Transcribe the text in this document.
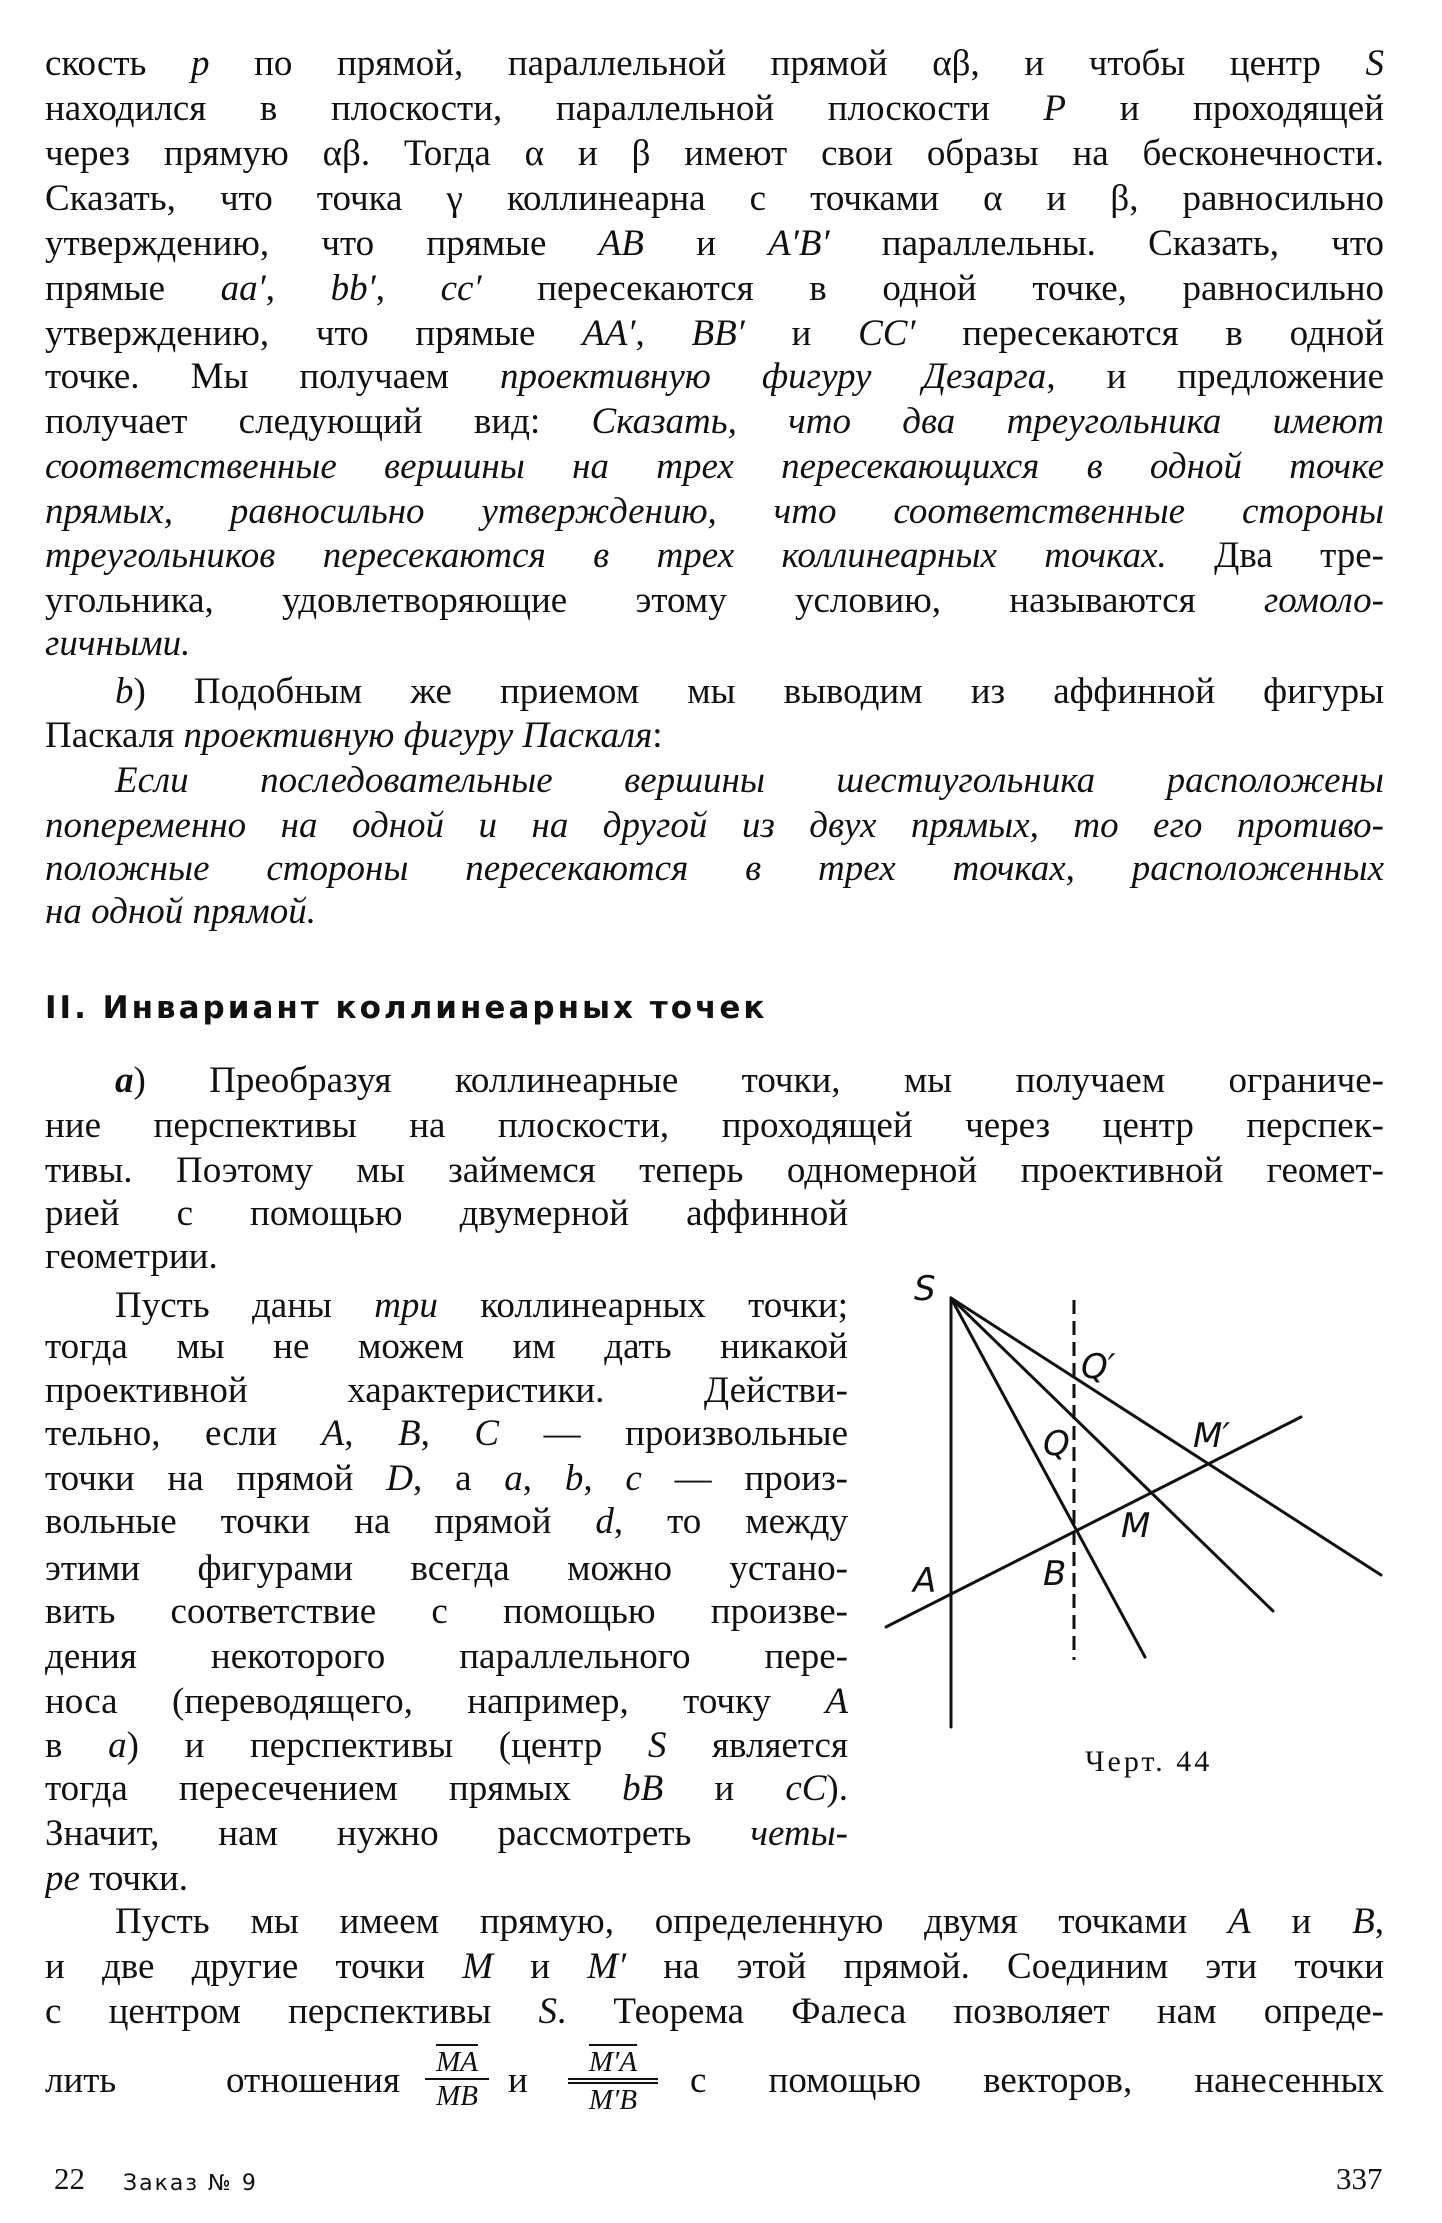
скость p по прямой, параллельной прямой αβ, и чтобы центр S
находился в плоскости, параллельной плоскости P и проходящей
через прямую αβ. Тогда α и β имеют свои образы на бесконечности.
Сказать, что точка γ коллинеарна с точками α и β, равносильно
утверждению, что прямые AB и A′B′ параллельны. Сказать, что
прямые aa′, bb′, cc′ пересекаются в одной точке, равносильно
утверждению, что прямые AA′, BB′ и CC′ пересекаются в одной
точке. Мы получаем проективную фигуру Дезарга, и предложение
получает следующий вид: Сказать, что два треугольника имеют
соответственные вершины на трех пересекающихся в одной точке
прямых, равносильно утверждению, что соответственные стороны
треугольников пересекаются в трех коллинеарных точках. Два тре-
угольника, удовлетворяющие этому условию, называются гомоло-
гичными.
b) Подобным же приемом мы выводим из аффинной фигуры
Паскаля проективную фигуру Паскаля:
Если последовательные вершины шестиугольника расположены
попеременно на одной и на другой из двух прямых, то его противо-
положные стороны пересекаются в трех точках, расположенных
на одной прямой.
II. Инвариант коллинеарных точек
a) Преобразуя коллинеарные точки, мы получаем ограниче-
ние перспективы на плоскости, проходящей через центр перспек-
тивы. Поэтому мы займемся теперь одномерной проективной геомет-
рией с помощью двумерной аффинной
геометрии.
Пусть даны три коллинеарных точки;
тогда мы не можем им дать никакой
проективной характеристики. Действи-
тельно, если A, B, C — произвольные
точки на прямой D, а a, b, c — произ-
вольные точки на прямой d, то между
этими фигурами всегда можно устано-
вить соответствие с помощью произве-
дения некоторого параллельного пере-
носа (переводящего, например, точку A
в a) и перспективы (центр S является
тогда пересечением прямых bB и cC).
Значит, нам нужно рассмотреть четы-
ре точки.
Пусть мы имеем прямую, определенную двумя точками A и B,
и две другие точки M и M′ на этой прямой. Соединим эти точки
с центром перспективы S. Теорема Фалеса позволяет нам опреде-
лить отношения $\frac{\overline{MA}}{MB}$ и $\frac{M'A}{M'B}$ с помощью векторов, нанесенных
S
Q′
Q	M′
M
A	B
Черт. 44
22 Заказ № 9	337
